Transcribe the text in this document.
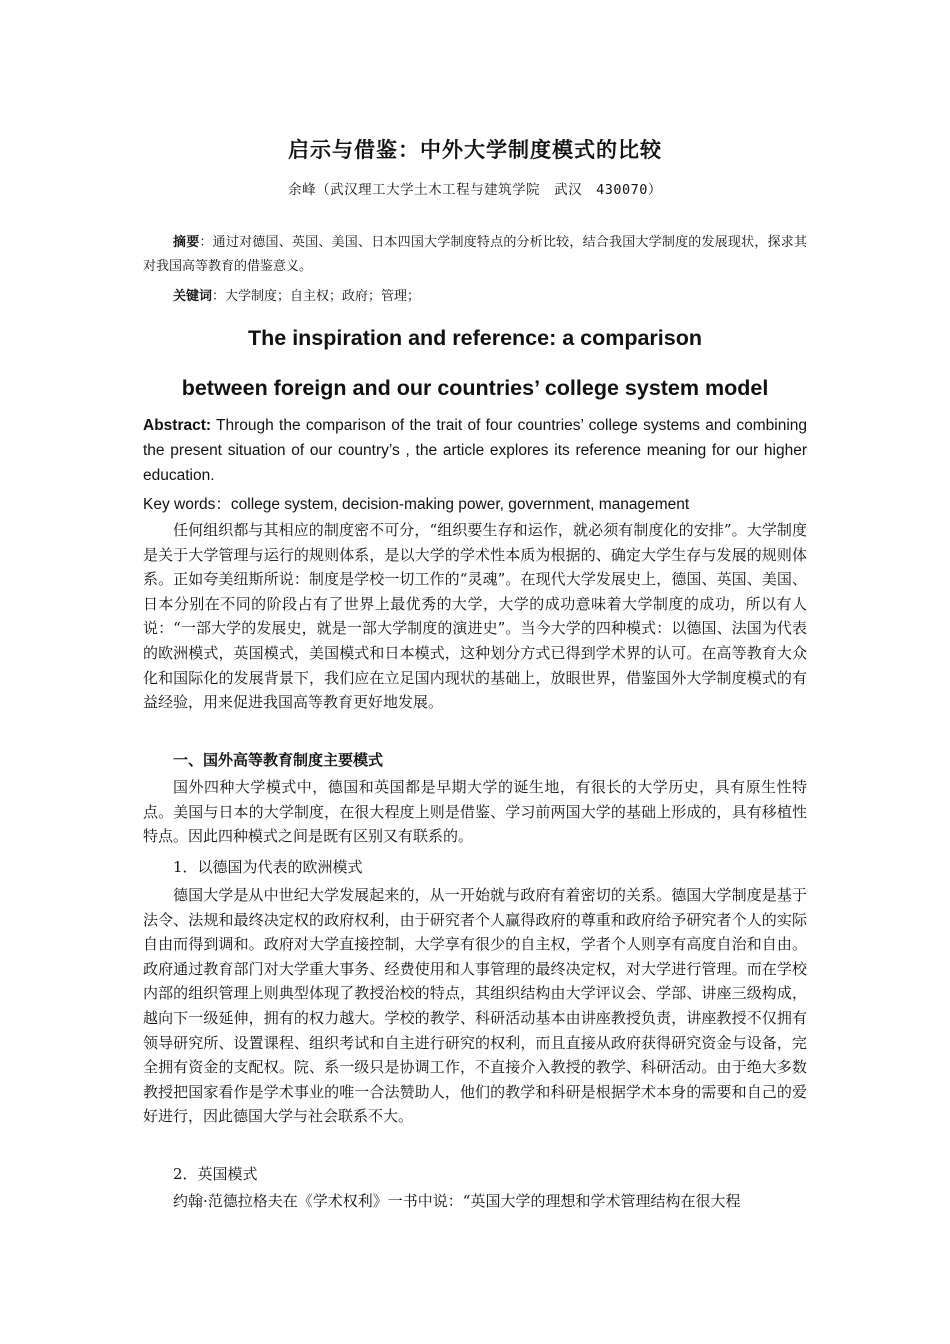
启示与借鉴：中外大学制度模式的比较
余峰（武汉理工大学土木工程与建筑学院　武汉　430070）

摘要：通过对德国、英国、美国、日本四国大学制度特点的分析比较，结合我国大学制度的发展现状，探求其对我国高等教育的借鉴意义。

关键词：大学制度；自主权；政府；管理；

The inspiration and reference: a comparison
between foreign and our countries’ college system model

Abstract: Through the comparison of the trait of four countries’ college systems and combining the present situation of our country’s , the article explores its reference meaning for our higher education.

Key words：college system, decision-making power, government, management

任何组织都与其相应的制度密不可分，“组织要生存和运作，就必须有制度化的安排”。大学制度是关于大学管理与运行的规则体系，是以大学的学术性本质为根据的、确定大学生存与发展的规则体系。正如夸美纽斯所说：制度是学校一切工作的“灵魂”。在现代大学发展史上，德国、英国、美国、日本分别在不同的阶段占有了世界上最优秀的大学，大学的成功意味着大学制度的成功，所以有人说：“一部大学的发展史，就是一部大学制度的演进史”。当今大学的四种模式：以德国、法国为代表的欧洲模式，英国模式，美国模式和日本模式，这种划分方式已得到学术界的认可。在高等教育大众化和国际化的发展背景下，我们应在立足国内现状的基础上，放眼世界，借鉴国外大学制度模式的有益经验，用来促进我国高等教育更好地发展。

一、国外高等教育制度主要模式

国外四种大学模式中，德国和英国都是早期大学的诞生地，有很长的大学历史，具有原生性特点。美国与日本的大学制度，在很大程度上则是借鉴、学习前两国大学的基础上形成的，具有移植性特点。因此四种模式之间是既有区别又有联系的。

1．以德国为代表的欧洲模式

德国大学是从中世纪大学发展起来的，从一开始就与政府有着密切的关系。德国大学制度是基于法令、法规和最终决定权的政府权利，由于研究者个人赢得政府的尊重和政府给予研究者个人的实际自由而得到调和。政府对大学直接控制，大学享有很少的自主权，学者个人则享有高度自治和自由。政府通过教育部门对大学重大事务、经费使用和人事管理的最终决定权，对大学进行管理。而在学校内部的组织管理上则典型体现了教授治校的特点，其组织结构由大学评议会、学部、讲座三级构成，越向下一级延伸，拥有的权力越大。学校的教学、科研活动基本由讲座教授负责，讲座教授不仅拥有领导研究所、设置课程、组织考试和自主进行研究的权利，而且直接从政府获得研究资金与设备，完全拥有资金的支配权。院、系一级只是协调工作，不直接介入教授的教学、科研活动。由于绝大多数教授把国家看作是学术事业的唯一合法赞助人，他们的教学和科研是根据学术本身的需要和自己的爱好进行，因此德国大学与社会联系不大。

2．英国模式

约翰·范德拉格夫在《学术权利》一书中说：“英国大学的理想和学术管理结构在很大程
